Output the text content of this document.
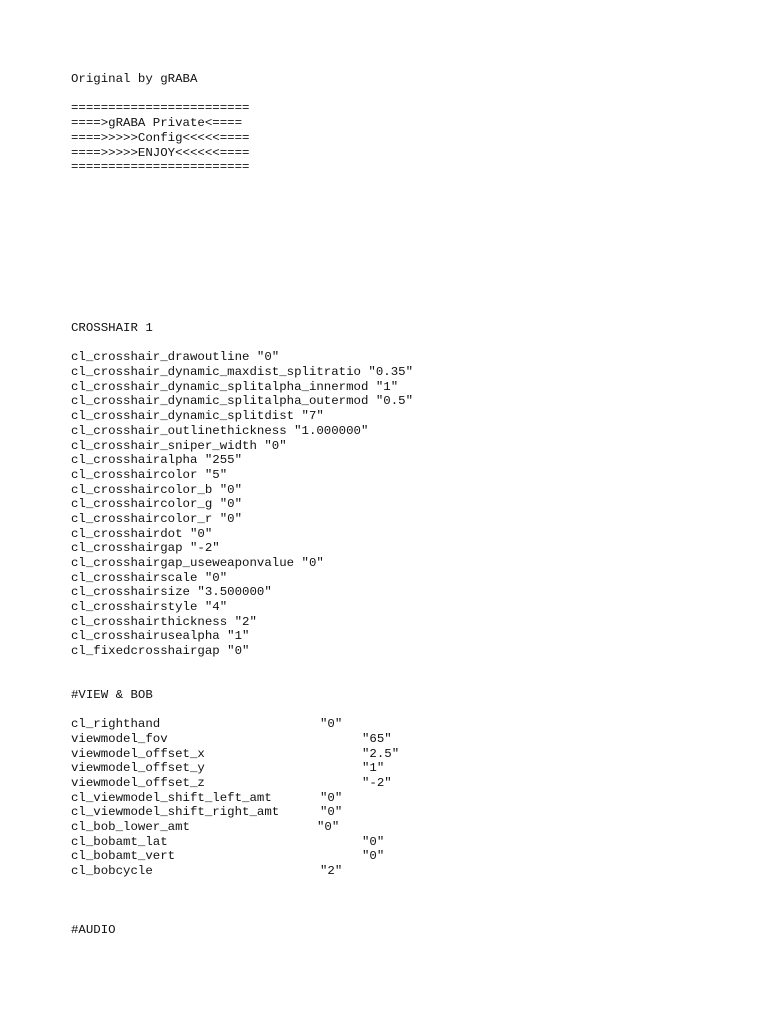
Original by gRABA
========================
====>gRABA Private<====
====>>>>>Config<<<<<====
====>>>>>ENJOY<<<<<<====
========================
CROSSHAIR 1
cl_crosshair_drawoutline "0"
cl_crosshair_dynamic_maxdist_splitratio "0.35"
cl_crosshair_dynamic_splitalpha_innermod "1"
cl_crosshair_dynamic_splitalpha_outermod "0.5"
cl_crosshair_dynamic_splitdist "7"
cl_crosshair_outlinethickness "1.000000"
cl_crosshair_sniper_width "0"
cl_crosshairalpha "255"
cl_crosshaircolor "5"
cl_crosshaircolor_b "0"
cl_crosshaircolor_g "0"
cl_crosshaircolor_r "0"
cl_crosshairdot "0"
cl_crosshairgap "-2"
cl_crosshairgap_useweaponvalue "0"
cl_crosshairscale "0"
cl_crosshairsize "3.500000"
cl_crosshairstyle "4"
cl_crosshairthickness "2"
cl_crosshairusealpha "1"
cl_fixedcrosshairgap "0"
#VIEW & BOB
cl_righthand	"0"
viewmodel_fov	"65"
viewmodel_offset_x	"2.5"
viewmodel_offset_y	"1"
viewmodel_offset_z	"-2"
cl_viewmodel_shift_left_amt	"0"
cl_viewmodel_shift_right_amt	"0"
cl_bob_lower_amt	"0"
cl_bobamt_lat	"0"
cl_bobamt_vert	"0"
cl_bobcycle	"2"
#AUDIO
